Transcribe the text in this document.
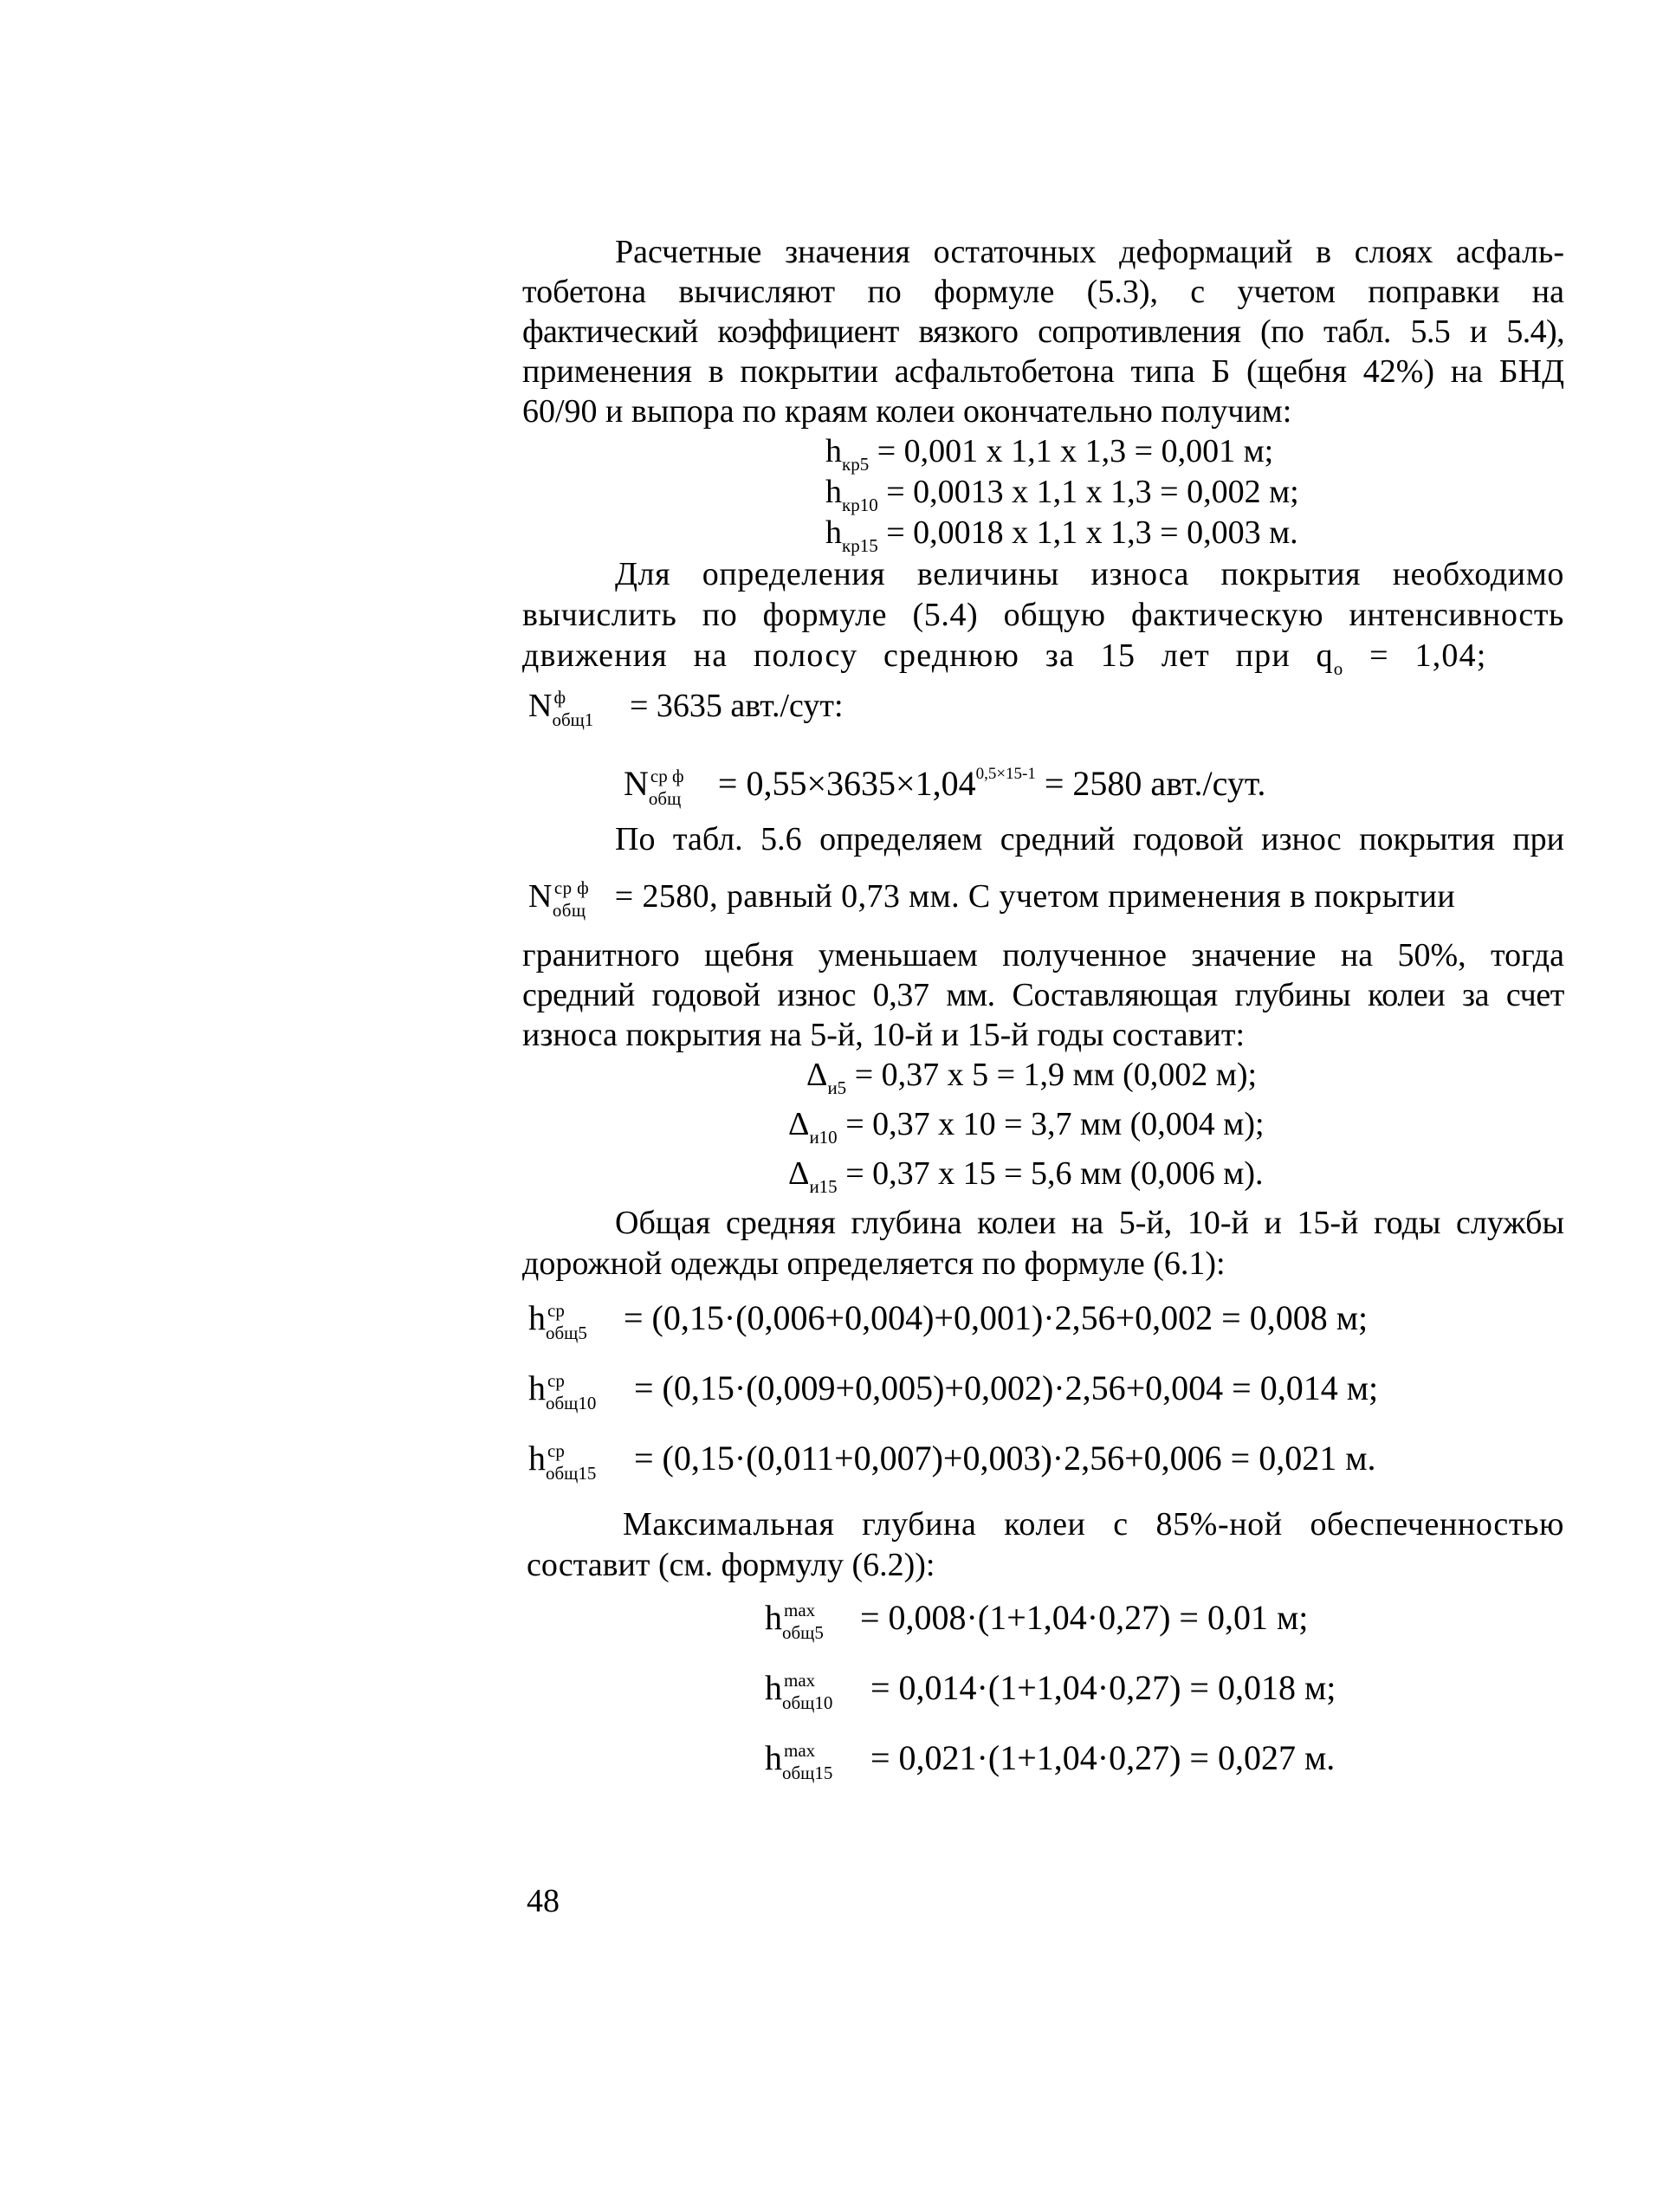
Расчетные значения остаточных деформаций в слоях асфаль-
тобетона вычисляют по формуле (5.3), с учетом поправки на
фактический коэффициент вязкого сопротивления (по табл. 5.5 и 5.4),
применения в покрытии асфальтобетона типа Б (щебня 42%) на БНД
60/90 и выпора по краям колеи окончательно получим:
$h_{кр5} = 0,001$ x 1,1 x 1,3 = 0,001 м;
$h_{кр10} = 0,0013$ x 1,1 x 1,3 = 0,002 м;
$h_{кр15} = 0,0018$ x 1,1 x 1,3 = 0,003 м.
Для определения величины износа покрытия необходимо
вычислить по формуле (5.4) общую фактическую интенсивность
движения на полосу среднюю за 15 лет при $q_о = 1,04$;
N ф
общ1 = 3635 авт./сут:
N ср ф
общ = $0,55\times 3635\times 1,04^{0,5\times 15-1} = 2580$ авт./сут.
По табл. 5.6 определяем средний годовой износ покрытия при
N ср ф
общ = 2580, равный 0,73 мм. С учетом применения в покрытии
гранитного щебня уменьшаем полученное значение на 50%, тогда
средний годовой износ 0,37 мм. Составляющая глубины колеи за счет
износа покрытия на 5-й, 10-й и 15-й годы составит:
$\Delta_{и5} = 0,37$ x 5 = 1,9 мм (0,002 м);
$\Delta_{и10} = 0,37$ x 10 = 3,7 мм (0,004 м);
$\Delta_{и15} = 0,37$ x 15 = 5,6 мм (0,006 м).
Общая средняя глубина колеи на 5-й, 10-й и 15-й годы службы
дорожной одежды определяется по формуле (6.1):
h ср
общ5 = (0,15·(0,006+0,004)+0,001)·2,56+0,002 = 0,008 м;
h ср
общ10 = (0,15·(0,009+0,005)+0,002)·2,56+0,004 = 0,014 м;
h ср
общ15 = (0,15·(0,011+0,007)+0,003)·2,56+0,006 = 0,021 м.
Максимальная глубина колеи с 85%-ной обеспеченностью
составит (см. формулу (6.2)):
h max
общ5 = 0,008·(1+1,04·0,27) = 0,01 м;
h max
общ10 = 0,014·(1+1,04·0,27) = 0,018 м;
h max
общ15 = 0,021·(1+1,04·0,27) = 0,027 м.
48
